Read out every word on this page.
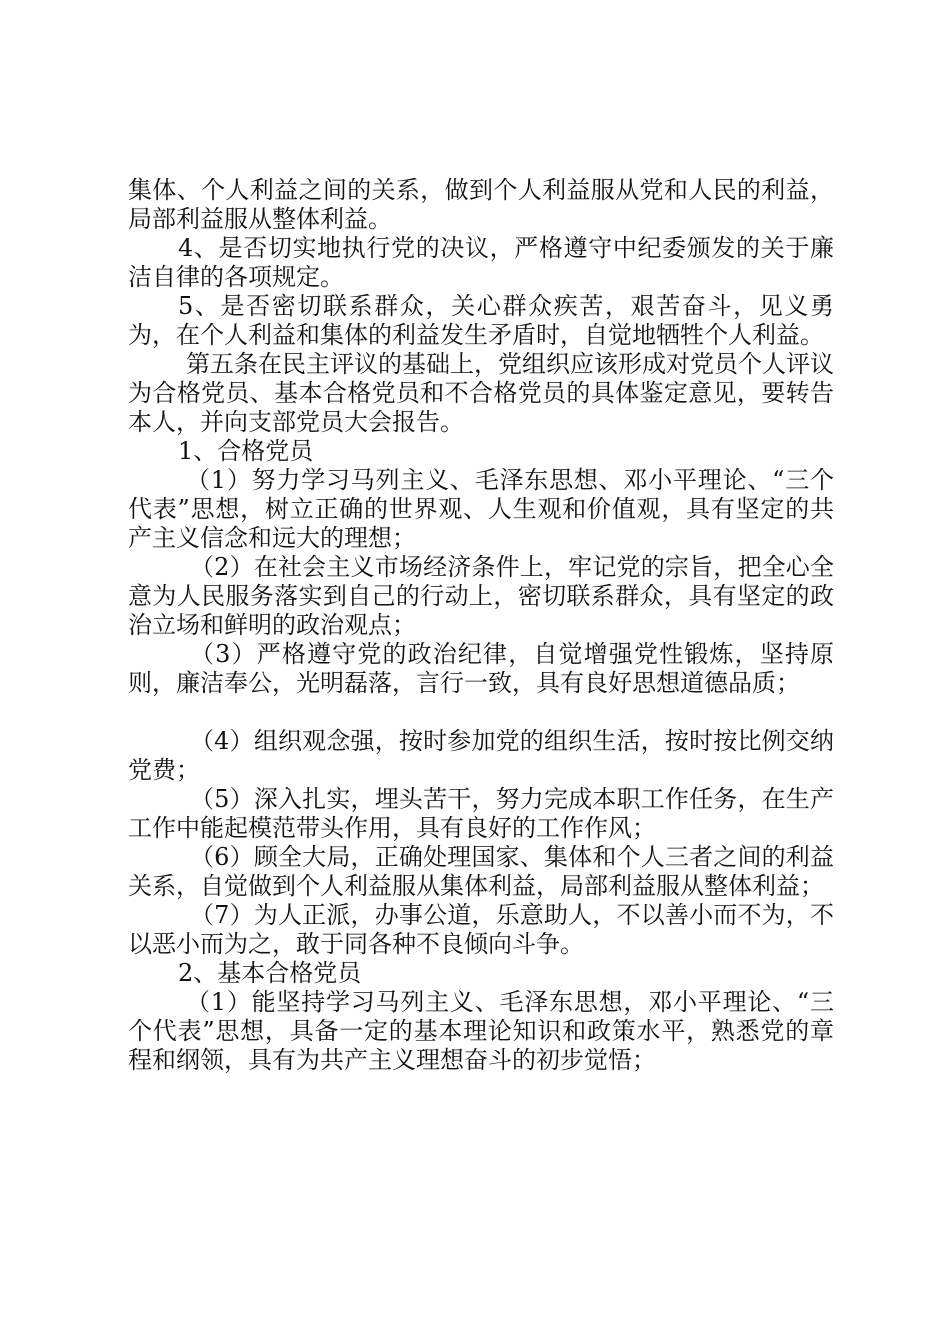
集体、个人利益之间的关系，做到个人利益服从党和人民的利益，局部利益服从整体利益。

4、是否切实地执行党的决议，严格遵守中纪委颁发的关于廉洁自律的各项规定。

5、是否密切联系群众，关心群众疾苦，艰苦奋斗，见义勇为，在个人利益和集体的利益发生矛盾时，自觉地牺牲个人利益。

第五条在民主评议的基础上，党组织应该形成对党员个人评议为合格党员、基本合格党员和不合格党员的具体鉴定意见，要转告本人，并向支部党员大会报告。

1、合格党员

（1）努力学习马列主义、毛泽东思想、邓小平理论、“三个代表”思想，树立正确的世界观、人生观和价值观，具有坚定的共产主义信念和远大的理想；

（2）在社会主义市场经济条件上，牢记党的宗旨，把全心全意为人民服务落实到自己的行动上，密切联系群众，具有坚定的政治立场和鲜明的政治观点；

（3）严格遵守党的政治纪律，自觉增强党性锻炼，坚持原则，廉洁奉公，光明磊落，言行一致，具有良好思想道德品质；

（4）组织观念强，按时参加党的组织生活，按时按比例交纳党费；

（5）深入扎实，埋头苦干，努力完成本职工作任务，在生产工作中能起模范带头作用，具有良好的工作作风；

（6）顾全大局，正确处理国家、集体和个人三者之间的利益关系，自觉做到个人利益服从集体利益，局部利益服从整体利益；

（7）为人正派，办事公道，乐意助人，不以善小而不为，不以恶小而为之，敢于同各种不良倾向斗争。

2、基本合格党员

（1）能坚持学习马列主义、毛泽东思想，邓小平理论、“三个代表”思想，具备一定的基本理论知识和政策水平，熟悉党的章程和纲领，具有为共产主义理想奋斗的初步觉悟；
